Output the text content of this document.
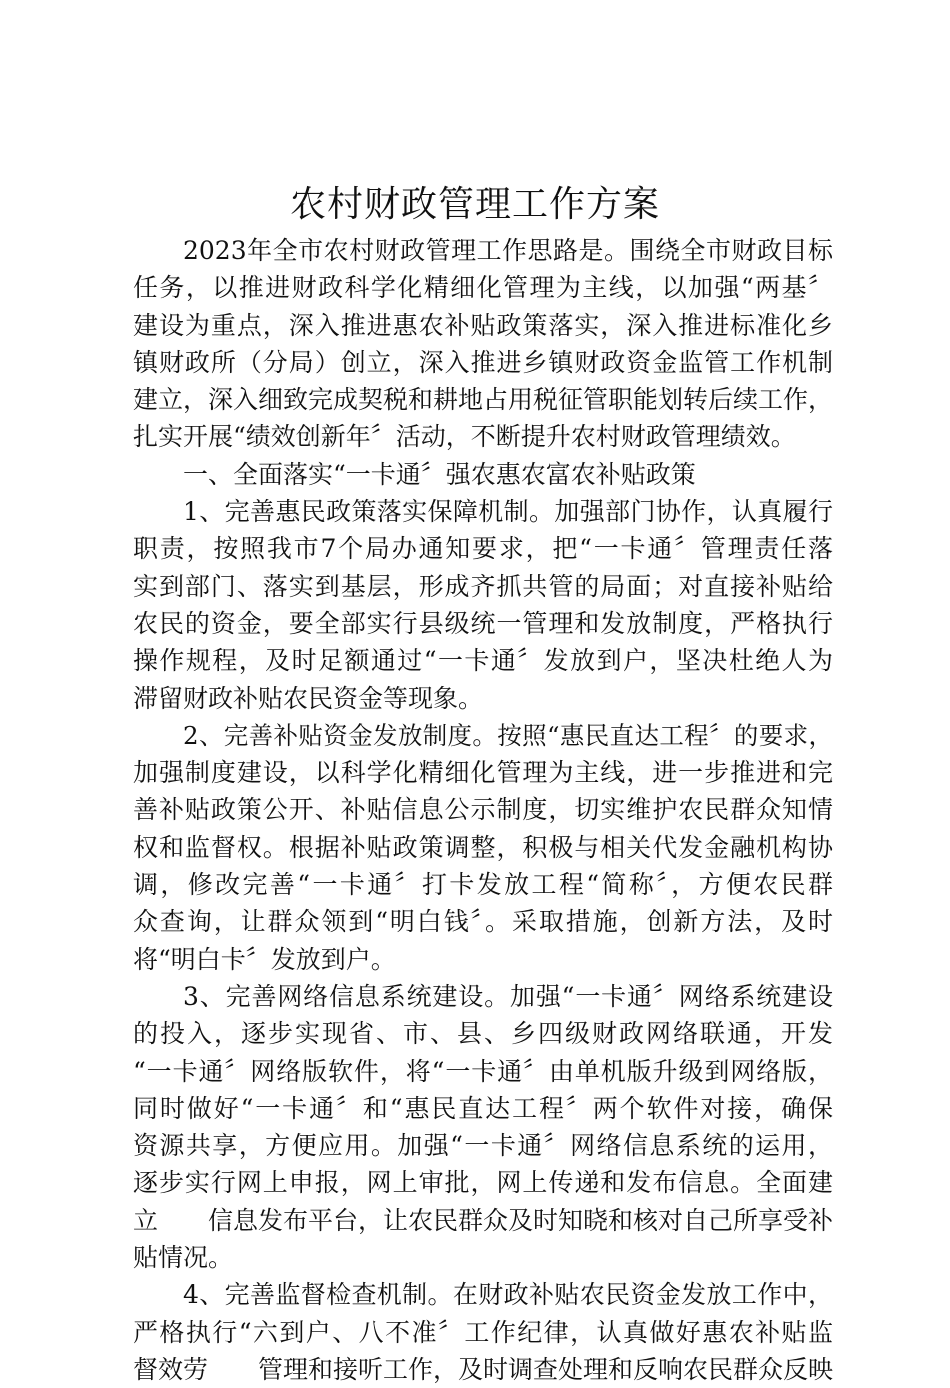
农村财政管理工作方案
2023年全市农村财政管理工作思路是。围绕全市财政目标
任务，以推进财政科学化精细化管理为主线，以加强“两基〞
建设为重点，深入推进惠农补贴政策落实，深入推进标准化乡
镇财政所（分局）创立，深入推进乡镇财政资金监管工作机制
建立，深入细致完成契税和耕地占用税征管职能划转后续工作，
扎实开展“绩效创新年〞活动，不断提升农村财政管理绩效。
一、全面落实“一卡通〞强农惠农富农补贴政策
1、完善惠民政策落实保障机制。加强部门协作，认真履行
职责，按照我市7个局办通知要求，把“一卡通〞管理责任落
实到部门、落实到基层，形成齐抓共管的局面；对直接补贴给
农民的资金，要全部实行县级统一管理和发放制度，严格执行
操作规程，及时足额通过“一卡通〞发放到户，坚决杜绝人为
滞留财政补贴农民资金等现象。
2、完善补贴资金发放制度。按照“惠民直达工程〞的要求，
加强制度建设，以科学化精细化管理为主线，进一步推进和完
善补贴政策公开、补贴信息公示制度，切实维护农民群众知情
权和监督权。根据补贴政策调整，积极与相关代发金融机构协
调，修改完善“一卡通〞打卡发放工程“简称〞，方便农民群
众查询，让群众领到“明白钱〞。采取措施，创新方法，及时
将“明白卡〞发放到户。
3、完善网络信息系统建设。加强“一卡通〞网络系统建设
的投入，逐步实现省、市、县、乡四级财政网络联通，开发
“一卡通〞网络版软件，将“一卡通〞由单机版升级到网络版，
同时做好“一卡通〞和“惠民直达工程〞两个软件对接，确保
资源共享，方便应用。加强“一卡通〞网络信息系统的运用，
逐步实行网上申报，网上审批，网上传递和发布信息。全面建
立　　信息发布平台，让农民群众及时知晓和核对自己所享受补
贴情况。
4、完善监督检查机制。在财政补贴农民资金发放工作中，
严格执行“六到户、八不准〞工作纪律，认真做好惠农补贴监
督效劳　　管理和接听工作，及时调查处理和反响农民群众反映
